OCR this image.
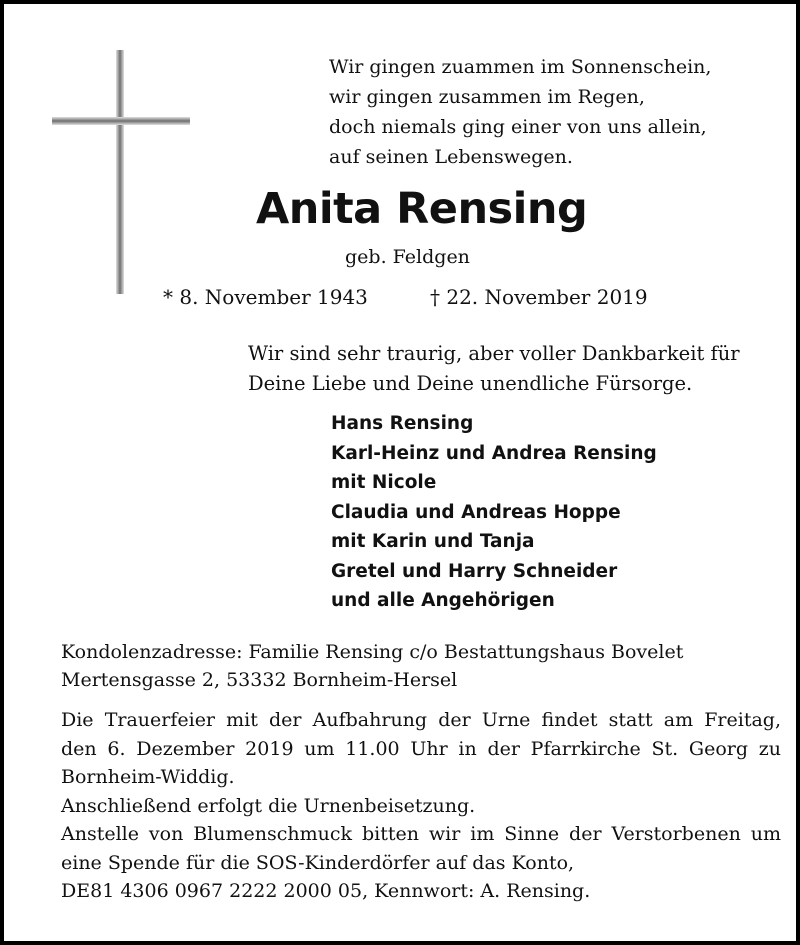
Wir gingen zuammen im Sonnenschein,
wir gingen zusammen im Regen,
doch niemals ging einer von uns allein,
auf seinen Lebenswegen.
Anita Rensing
geb. Feldgen
* 8. November 1943	† 22. November 2019
Wir sind sehr traurig, aber voller Dankbarkeit für
Deine Liebe und Deine unendliche Fürsorge.
Hans Rensing
Karl-Heinz und Andrea Rensing
mit Nicole
Claudia und Andreas Hoppe
mit Karin und Tanja
Gretel und Harry Schneider
und alle Angehörigen
Kondolenzadresse: Familie Rensing c/o Bestattungshaus Bovelet
Mertensgasse 2, 53332 Bornheim-Hersel
Die Trauerfeier mit der Aufbahrung der Urne findet statt am Freitag,
den 6. Dezember 2019 um 11.00 Uhr in der Pfarrkirche St. Georg zu
Bornheim-Widdig.
Anschließend erfolgt die Urnenbeisetzung.
Anstelle von Blumenschmuck bitten wir im Sinne der Verstorbenen um
eine Spende für die SOS-Kinderdörfer auf das Konto,
DE81 4306 0967 2222 2000 05, Kennwort: A. Rensing.
